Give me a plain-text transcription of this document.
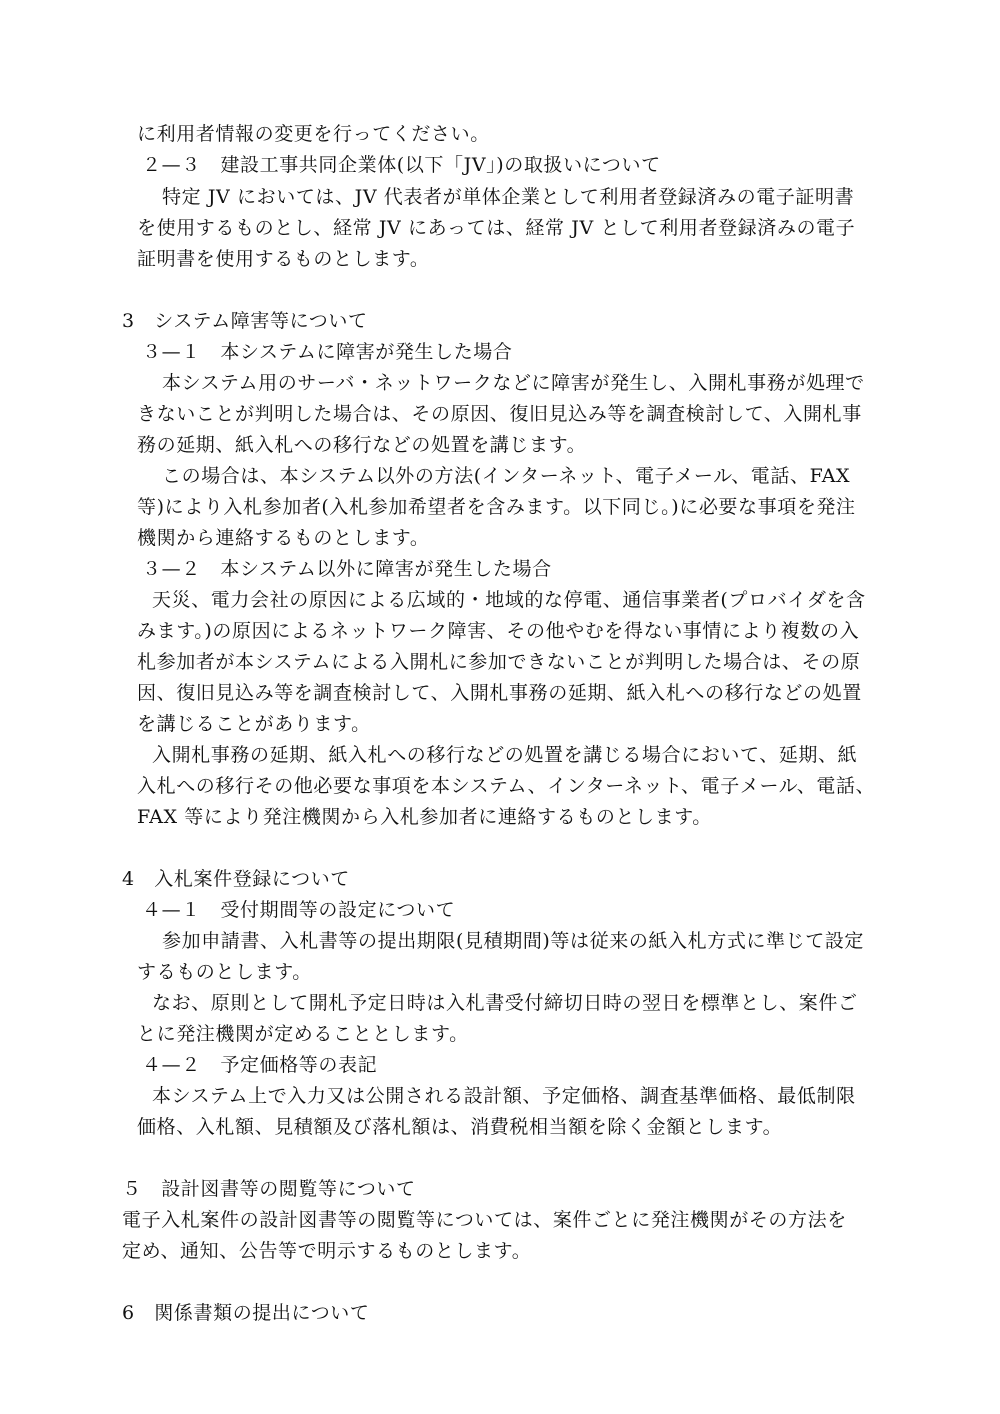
に利用者情報の変更を行ってください。
２—３　建設工事共同企業体(以下「JV」)の取扱いについて
特定 JV においては、JV 代表者が単体企業として利用者登録済みの電子証明書
を使用するものとし、経常 JV にあっては、経常 JV として利用者登録済みの電子
証明書を使用するものとします。
3　システム障害等について
３—１　本システムに障害が発生した場合
本システム用のサーバ・ネットワークなどに障害が発生し、入開札事務が処理で
きないことが判明した場合は、その原因、復旧見込み等を調査検討して、入開札事
務の延期、紙入札への移行などの処置を講じます。
この場合は、本システム以外の方法(インターネット、電子メール、電話、FAX
等)により入札参加者(入札参加希望者を含みます。以下同じ。)に必要な事項を発注
機関から連絡するものとします。
３—２　本システム以外に障害が発生した場合
天災、電力会社の原因による広域的・地域的な停電、通信事業者(プロバイダを含
みます。)の原因によるネットワーク障害、その他やむを得ない事情により複数の入
札参加者が本システムによる入開札に参加できないことが判明した場合は、その原
因、復旧見込み等を調査検討して、入開札事務の延期、紙入札への移行などの処置
を講じることがあります。
入開札事務の延期、紙入札への移行などの処置を講じる場合において、延期、紙
入札への移行その他必要な事項を本システム、インターネット、電子メール、電話、
FAX 等により発注機関から入札参加者に連絡するものとします。
4　入札案件登録について
４—１　受付期間等の設定について
参加申請書、入札書等の提出期限(見積期間)等は従来の紙入札方式に準じて設定
するものとします。
なお、原則として開札予定日時は入札書受付締切日時の翌日を標準とし、案件ご
とに発注機関が定めることとします。
４—２　予定価格等の表記
本システム上で入力又は公開される設計額、予定価格、調査基準価格、最低制限
価格、入札額、見積額及び落札額は、消費税相当額を除く金額とします。
５　設計図書等の閲覧等について
電子入札案件の設計図書等の閲覧等については、案件ごとに発注機関がその方法を
定め、通知、公告等で明示するものとします。
6　関係書類の提出について
